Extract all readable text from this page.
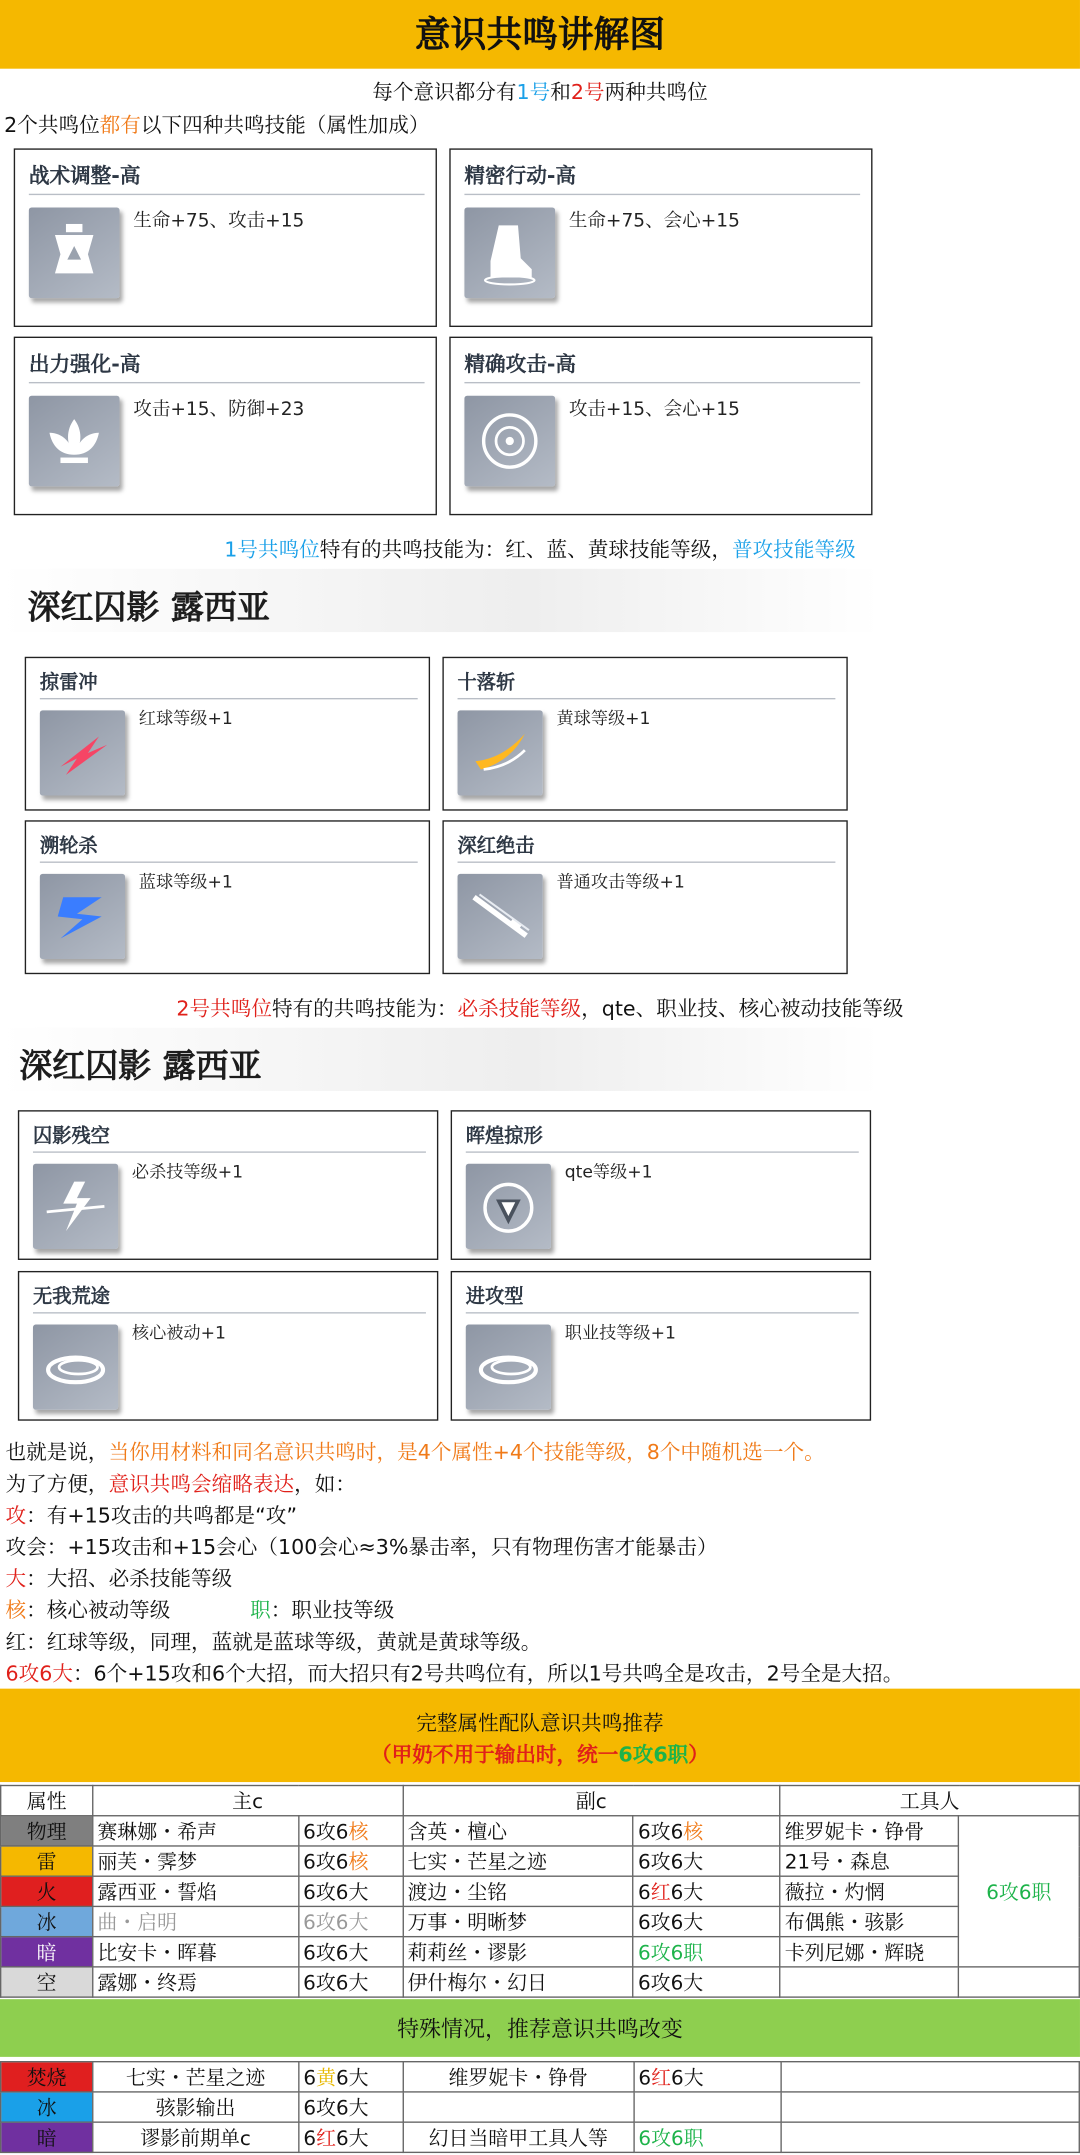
意识共鸣讲解图
每个意识都分有1号和2号两种共鸣位
2个共鸣位都有以下四种共鸣技能（属性加成）
战术调整-高
生命+75、攻击+15
精密行动-高
生命+75、会心+15
出力强化-高
攻击+15、防御+23
精确攻击-高
攻击+15、会心+15
1号共鸣位特有的共鸣技能为：红、蓝、黄球技能等级，普攻技能等级
深红囚影 露西亚
掠雷冲
红球等级+1
十落斩
黄球等级+1
溯轮杀
蓝球等级+1
深红绝击
普通攻击等级+1
2号共鸣位特有的共鸣技能为：必杀技能等级，qte、职业技、核心被动技能等级
深红囚影 露西亚
囚影残空
必杀技等级+1
晖煌掠形
qte等级+1
无我荒途
核心被动+1
进攻型
职业技等级+1
也就是说，当你用材料和同名意识共鸣时，是4个属性+4个技能等级，8个中随机选一个。
为了方便，意识共鸣会缩略表达，如：
攻：有+15攻击的共鸣都是“攻”
攻会：+15攻击和+15会心（100会心≈3%暴击率，只有物理伤害才能暴击）
大：大招、必杀技能等级
核：核心被动等级	职：职业技等级
红：红球等级，同理，蓝就是蓝球等级，黄就是黄球等级。
6攻6大：6个+15攻和6个大招，而大招只有2号共鸣位有，所以1号共鸣全是攻击，2号全是大招。
完整属性配队意识共鸣推荐
（甲奶不用于输出时，统一6攻6职）
属性	主c		副c		工具人	
物理	赛琳娜・希声	6攻6核	含英・檀心	6攻6核	维罗妮卡・铮骨	6攻6职
雷	丽芙・霁梦	6攻6核	七实・芒星之迹	6攻6大	21号・森息	
火	露西亚・誓焰	6攻6大	渡边・尘铭	6红6大	薇拉・灼惘	
冰	曲・启明	6攻6大	万事・明晰梦	6攻6大	布偶熊・骇影	
暗	比安卡・晖暮	6攻6大	莉莉丝・谬影	6攻6职	卡列尼娜・辉晓	
空	露娜・终焉	6攻6大	伊什梅尔・幻日	6攻6大		
特殊情况，推荐意识共鸣改变
焚烧	七实・芒星之迹	6黄6大	维罗妮卡・铮骨	6红6大	
冰	骇影输出	6攻6大			
暗	谬影前期单c	6红6大	幻日当暗甲工具人等	6攻6职	
